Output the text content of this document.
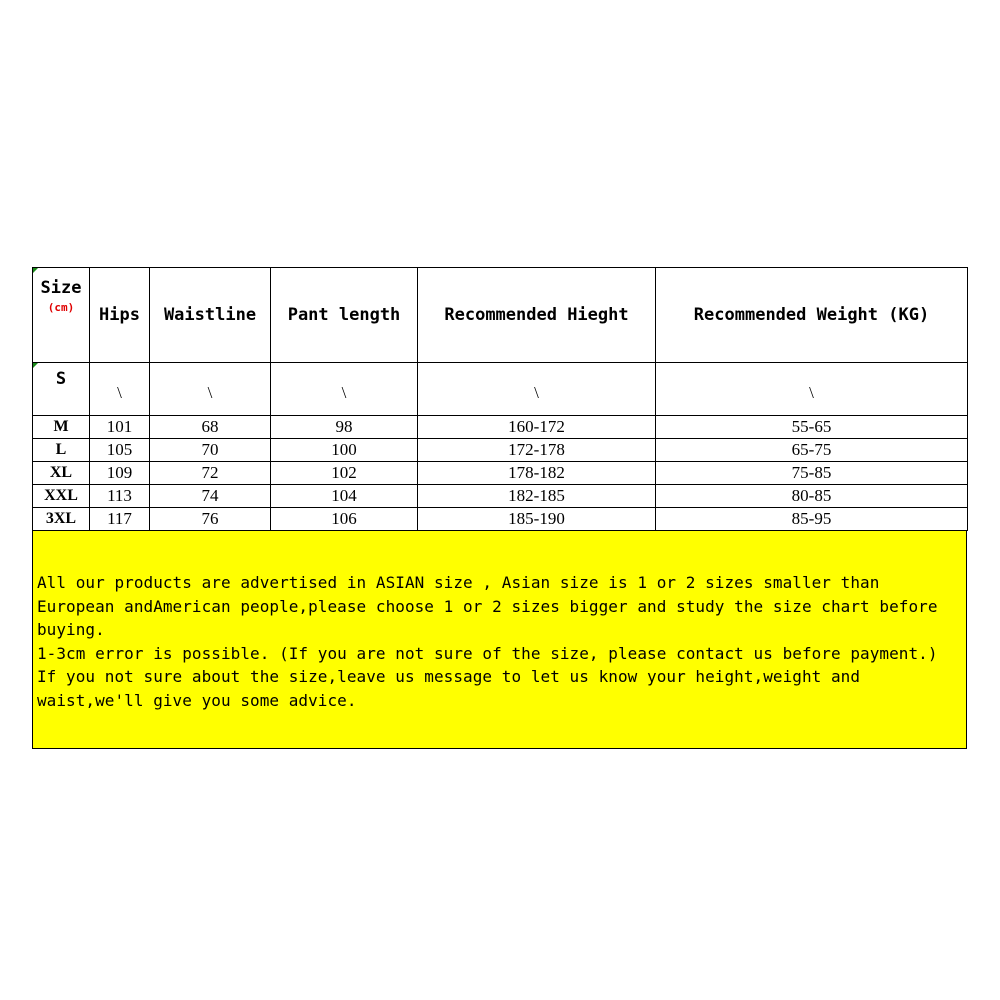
Size
(cm)	Hips	Waistline	Pant length	Recommended Hieght	Recommended Weight (KG)

S	\	\	\	\	\
M	101	68	98	160-172	55-65
L	105	70	100	172-178	65-75
XL	109	72	102	178-182	75-85
XXL	113	74	104	182-185	80-85
3XL	117	76	106	185-190	85-95

All our products are advertised in ASIAN size , Asian size is 1 or 2 sizes smaller than

European andAmerican people,please choose 1 or 2 sizes bigger and study the size chart before

buying.

1-3cm error is possible. (If you are not sure of the size, please contact us before payment.)

If you not sure about the size,leave us message to let us know your height,weight and

waist,we'll give you some advice.
